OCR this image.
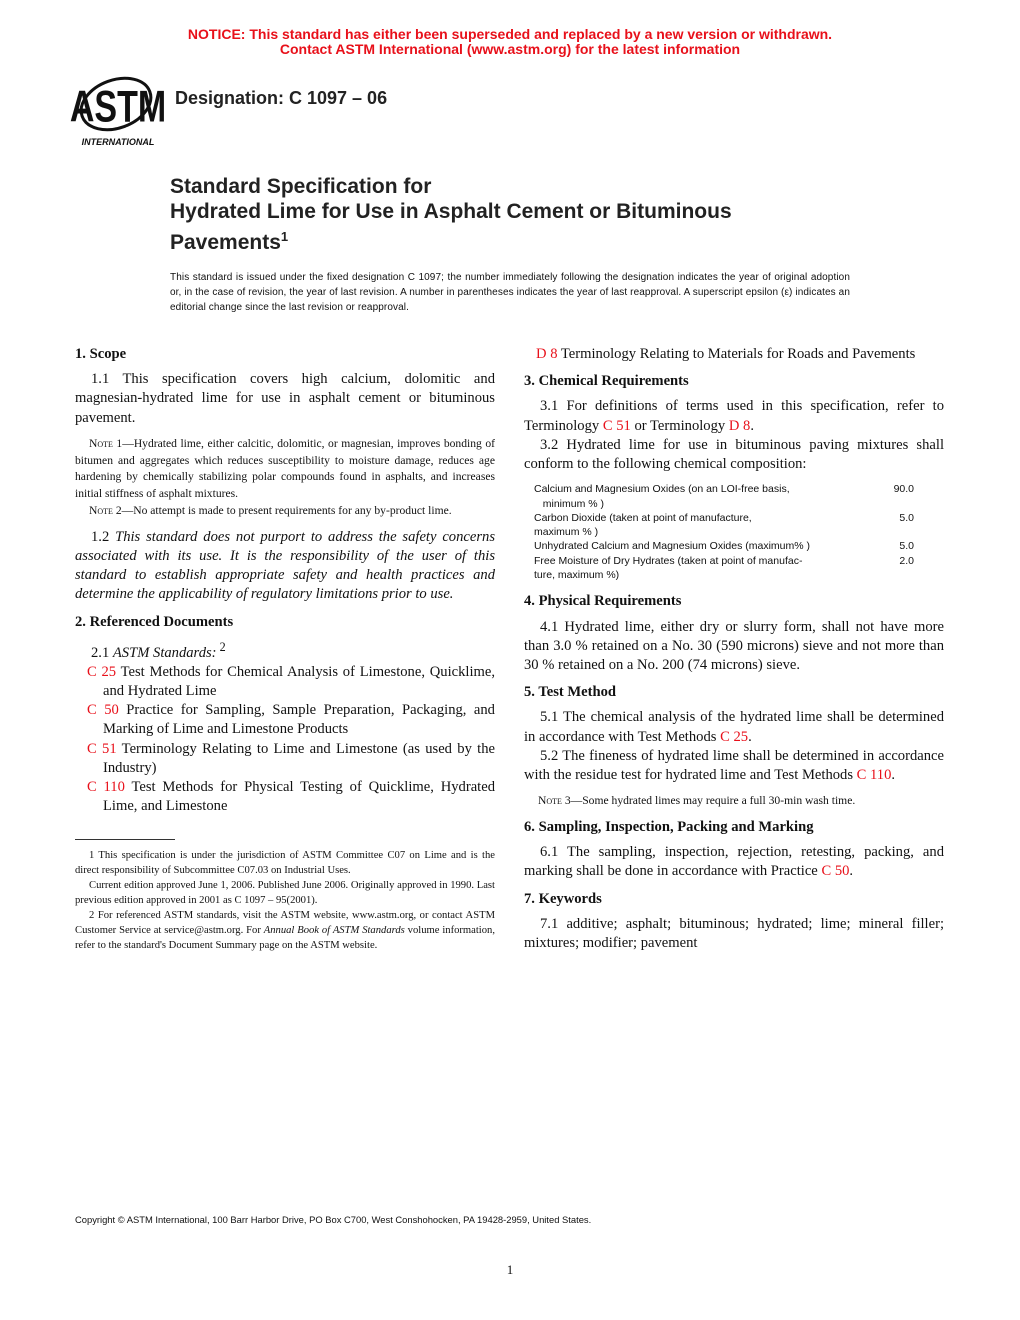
NOTICE: This standard has either been superseded and replaced by a new version or withdrawn.
Contact ASTM International (www.astm.org) for the latest information
ASTM
INTERNATIONAL
Designation: C 1097 – 06
Standard Specification for
Hydrated Lime for Use in Asphalt Cement or Bituminous
Pavements$^1$
This standard is issued under the fixed designation C 1097; the number immediately following the designation indicates the year of original adoption or, in the case of revision, the year of last revision. A number in parentheses indicates the year of last reapproval. A superscript epsilon (ε) indicates an editorial change since the last revision or reapproval.
1. Scope

1.1 This specification covers high calcium, dolomitic and magnesian-hydrated lime for use in asphalt cement or bituminous pavement.

Note 1—Hydrated lime, either calcitic, dolomitic, or magnesian, improves bonding of bitumen and aggregates which reduces susceptibility to moisture damage, reduces age hardening by chemically stabilizing polar compounds found in asphalts, and increases initial stiffness of asphalt mixtures.

Note 2—No attempt is made to present requirements for any by-product lime.

1.2 This standard does not purport to address the safety concerns associated with its use. It is the responsibility of the user of this standard to establish appropriate safety and health practices and determine the applicability of regulatory limitations prior to use.

2. Referenced Documents

2.1 ASTM Standards: $^2$

C 25 Test Methods for Chemical Analysis of Limestone, Quicklime, and Hydrated Lime

C 50 Practice for Sampling, Sample Preparation, Packaging, and Marking of Lime and Limestone Products

C 51 Terminology Relating to Lime and Limestone (as used by the Industry)

C 110 Test Methods for Physical Testing of Quicklime, Hydrated Lime, and Limestone

1 This specification is under the jurisdiction of ASTM Committee C07 on Lime and is the direct responsibility of Subcommittee C07.03 on Industrial Uses.

Current edition approved June 1, 2006. Published June 2006. Originally approved in 1990. Last previous edition approved in 2001 as C 1097 – 95(2001).

2 For referenced ASTM standards, visit the ASTM website, www.astm.org, or contact ASTM Customer Service at service@astm.org. For Annual Book of ASTM Standards volume information, refer to the standard's Document Summary page on the ASTM website.

D 8 Terminology Relating to Materials for Roads and Pavements

3. Chemical Requirements

3.1 For definitions of terms used in this specification, refer to Terminology C 51 or Terminology D 8.

3.2 Hydrated lime for use in bituminous paving mixtures shall conform to the following chemical composition:

Calcium and Magnesium Oxides (on an LOI-free basis,
minimum % )	90.0
Carbon Dioxide (taken at point of manufacture,
maximum % )	5.0
Unhydrated Calcium and Magnesium Oxides (maximum% )	5.0
Free Moisture of Dry Hydrates (taken at point of manufac-
ture, maximum %)	2.0
4. Physical Requirements

4.1 Hydrated lime, either dry or slurry form, shall not have more than 3.0 % retained on a No. 30 (590 microns) sieve and not more than 30 % retained on a No. 200 (74 microns) sieve.

5. Test Method

5.1 The chemical analysis of the hydrated lime shall be determined in accordance with Test Methods C 25.

5.2 The fineness of hydrated lime shall be determined in accordance with the residue test for hydrated lime and Test Methods C 110.

Note 3—Some hydrated limes may require a full 30-min wash time.

6. Sampling, Inspection, Packing and Marking

6.1 The sampling, inspection, rejection, retesting, packing, and marking shall be done in accordance with Practice C 50.

7. Keywords

7.1 additive; asphalt; bituminous; hydrated; lime; mineral filler; mixtures; modifier; pavement

Copyright © ASTM International, 100 Barr Harbor Drive, PO Box C700, West Conshohocken, PA 19428-2959, United States.
1
